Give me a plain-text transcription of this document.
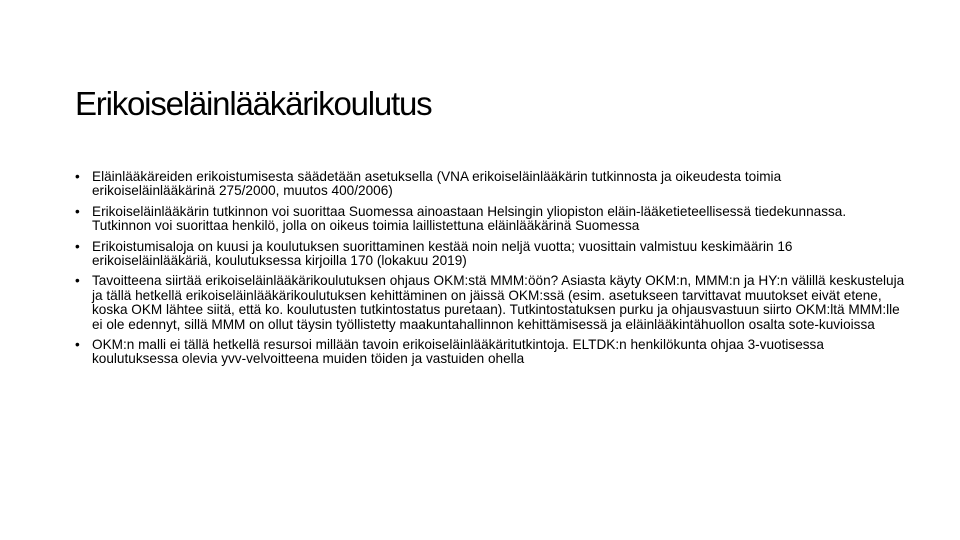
Erikoiseläinlääkärikoulutus
• Eläinlääkäreiden erikoistumisesta säädetään asetuksella (VNA erikoiseläinlääkärin tutkinnosta ja oikeudesta toimia erikoiseläinlääkärinä 275/2000, muutos 400/2006)
• Erikoiseläinlääkärin tutkinnon voi suorittaa Suomessa ainoastaan Helsingin yliopiston eläin-lääketieteellisessä tiedekunnassa. Tutkinnon voi suorittaa henkilö, jolla on oikeus toimia laillistettuna eläinlääkärinä Suomessa
• Erikoistumisaloja on kuusi ja koulutuksen suorittaminen kestää noin neljä vuotta; vuosittain valmistuu keskimäärin 16 erikoiseläinlääkäriä, koulutuksessa kirjoilla 170 (lokakuu 2019)
• Tavoitteena siirtää erikoiseläinlääkärikoulutuksen ohjaus OKM:stä MMM:öön? Asiasta käyty OKM:n, MMM:n ja HY:n välillä keskusteluja ja tällä hetkellä erikoiseläinlääkärikoulutuksen kehittäminen on jäissä OKM:ssä (esim. asetukseen tarvittavat muutokset eivät etene, koska OKM lähtee siitä, että ko. koulutusten tutkintostatus puretaan). Tutkintostatuksen purku ja ohjausvastuun siirto OKM:ltä MMM:lle ei ole edennyt, sillä MMM on ollut täysin työllistetty maakuntahallinnon kehittämisessä ja eläinlääkintähuollon osalta sote-kuvioissa
• OKM:n malli ei tällä hetkellä resursoi millään tavoin erikoiseläinlääkäritutkintoja. ELTDK:n henkilökunta ohjaa 3-vuotisessa koulutuksessa olevia yvv-velvoitteena muiden töiden ja vastuiden ohella
